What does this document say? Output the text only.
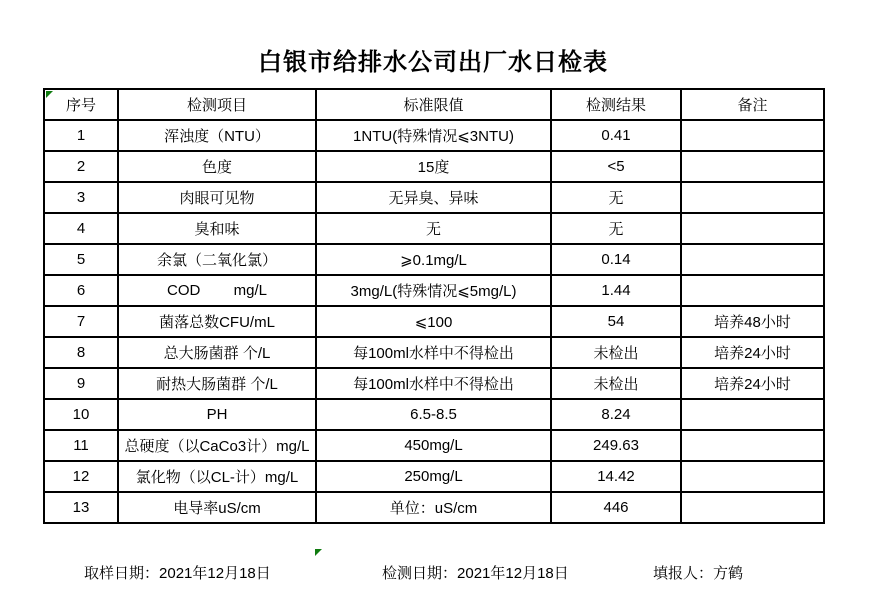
白银市给排水公司出厂水日检表
序号	检测项目	标准限值	检测结果	备注
1	浑浊度（NTU）	1NTU(特殊情况⩽3NTU)	0.41	
2	色度	15度	<5	
3	肉眼可见物	无异臭、异味	无	
4	臭和味	无	无	
5	余氯（二氧化氯）	⩾0.1mg/L	0.14	
6	COD        mg/L	3mg/L(特殊情况⩽5mg/L)	1.44	
7	菌落总数CFU/mL	⩽100	54	培养48小时
8	总大肠菌群 个/L	每100ml水样中不得检出	未检出	培养24小时
9	耐热大肠菌群 个/L	每100ml水样中不得检出	未检出	培养24小时
10	PH	6.5-8.5	8.24	
11	总硬度（以CaCo3计）mg/L	450mg/L	249.63	
12	氯化物（以CL-计）mg/L	250mg/L	14.42	
13	电导率uS/cm	单位：uS/cm	446	
取样日期：2021年12月18日	检测日期：2021年12月18日	填报人：方鹤
